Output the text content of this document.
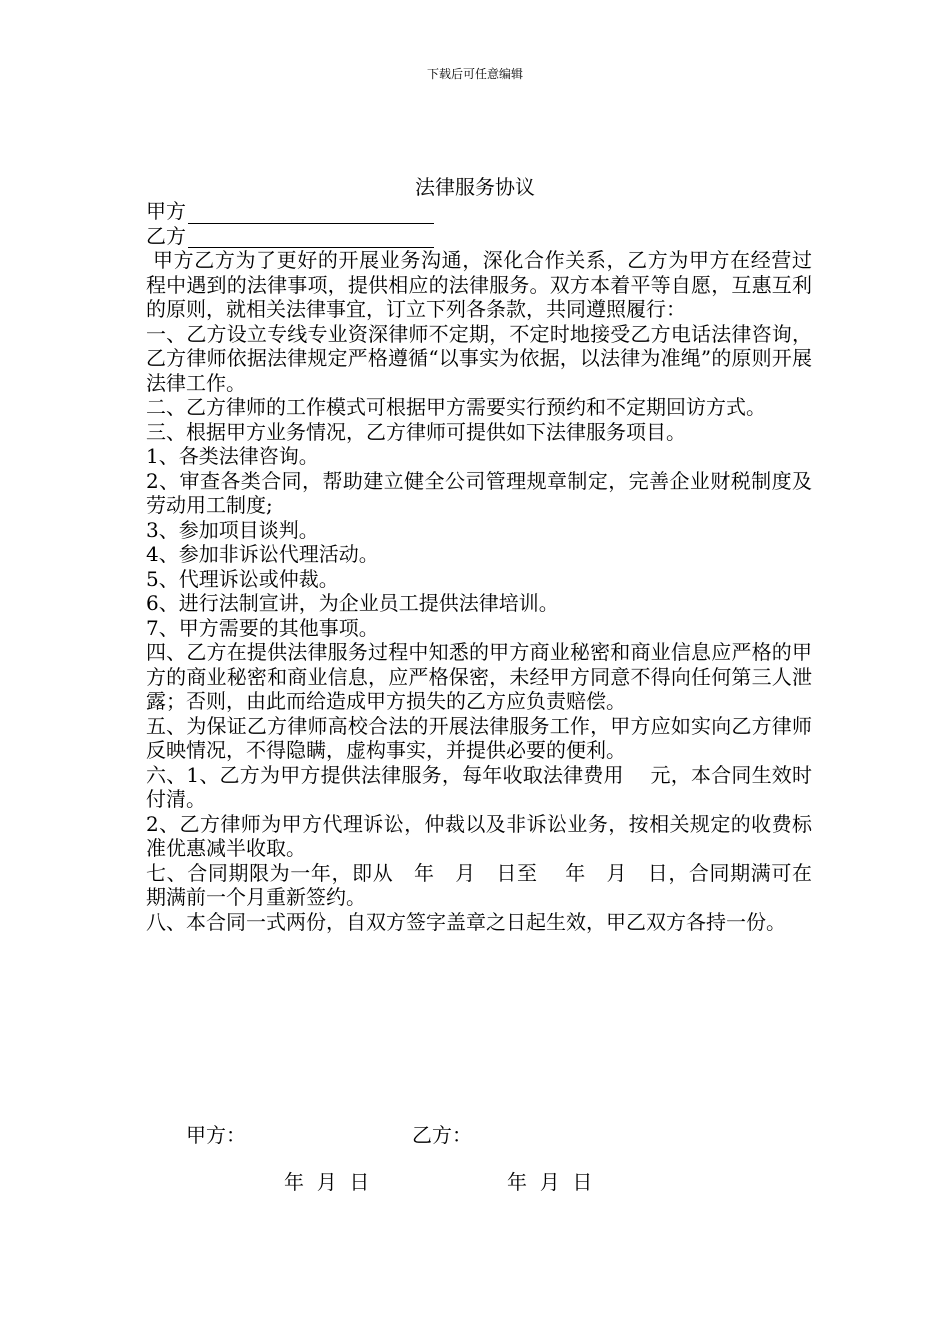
下载后可任意编辑
法律服务协议
甲方
乙方

甲方乙方为了更好的开展业务沟通，深化合作关系，乙方为甲方在经营过程中遇到的法律事项，提供相应的法律服务。双方本着平等自愿，互惠互利的原则，就相关法律事宜，订立下列各条款，共同遵照履行：

一、乙方设立专线专业资深律师不定期，不定时地接受乙方电话法律咨询，乙方律师依据法律规定严格遵循“以事实为依据，以法律为准绳”的原则开展法律工作。

二、乙方律师的工作模式可根据甲方需要实行预约和不定期回访方式。

三、根据甲方业务情况，乙方律师可提供如下法律服务项目。

1、各类法律咨询。

2、审查各类合同，帮助建立健全公司管理规章制定，完善企业财税制度及劳动用工制度;

3、参加项目谈判。

4、参加非诉讼代理活动。

5、代理诉讼或仲裁。

6、进行法制宣讲，为企业员工提供法律培训。

7、甲方需要的其他事项。

四、乙方在提供法律服务过程中知悉的甲方商业秘密和商业信息应严格的甲方的商业秘密和商业信息，应严格保密，未经甲方同意不得向任何第三人泄露；否则，由此而给造成甲方损失的乙方应负责赔偿。

五、为保证乙方律师高校合法的开展法律服务工作，甲方应如实向乙方律师反映情况，不得隐瞒，虚构事实，并提供必要的便利。

六、1、乙方为甲方提供法律服务，每年收取法律费用　 元，本合同生效时付清。

2、乙方律师为甲方代理诉讼，仲裁以及非诉讼业务，按相关规定的收费标准优惠减半收取。

七、合同期限为一年，即从　年　月　日至　 年　月　日，合同期满可在期满前一个月重新签约。

八、本合同一式两份，自双方签字盖章之日起生效，甲乙双方各持一份。

甲方：	乙方：
年  月  日	年  月  日
